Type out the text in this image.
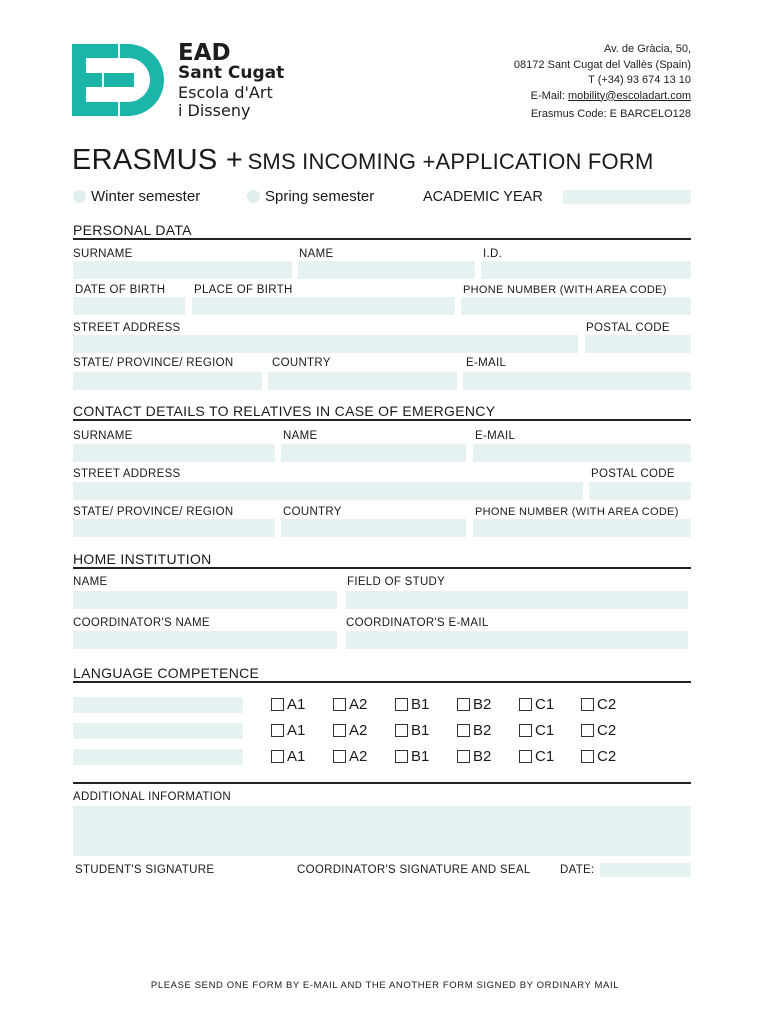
EAD
Sant Cugat
Escola d'Art
i Disseny
Av. de Gràcia, 50,
08172 Sant Cugat del Vallès (Spain)
T (+34) 93 674 13 10
E-Mail: mobility@escoladart.com
Erasmus Code: E BARCELO128
ERASMUS + SMS INCOMING +APPLICATION FORM
Winter semester	Spring semester	ACADEMIC YEAR
PERSONAL DATA
SURNAME	NAME	I.D.
DATE OF BIRTH PLACE OF BIRTH	PHONE NUMBER (WITH AREA CODE)
STREET ADDRESS	POSTAL CODE
STATE/ PROVINCE/ REGION	COUNTRY	E-MAIL
CONTACT DETAILS TO RELATIVES IN CASE OF EMERGENCY
SURNAME	NAME	E-MAIL
STREET ADDRESS	POSTAL CODE
STATE/ PROVINCE/ REGION	COUNTRY	PHONE NUMBER (WITH AREA CODE)
HOME INSTITUTION
NAME	FIELD OF STUDY
COORDINATOR'S NAME	COORDINATOR'S E-MAIL
LANGUAGE COMPETENCE
A1	A2	B1	B2	C1	C2
A1	A2	B1	B2	C1	C2
A1	A2	B1	B2	C1	C2
ADDITIONAL INFORMATION
STUDENT'S SIGNATURE	COORDINATOR'S SIGNATURE AND SEAL	DATE:
PLEASE SEND ONE FORM BY E-MAIL AND THE ANOTHER FORM SIGNED BY ORDINARY MAIL
